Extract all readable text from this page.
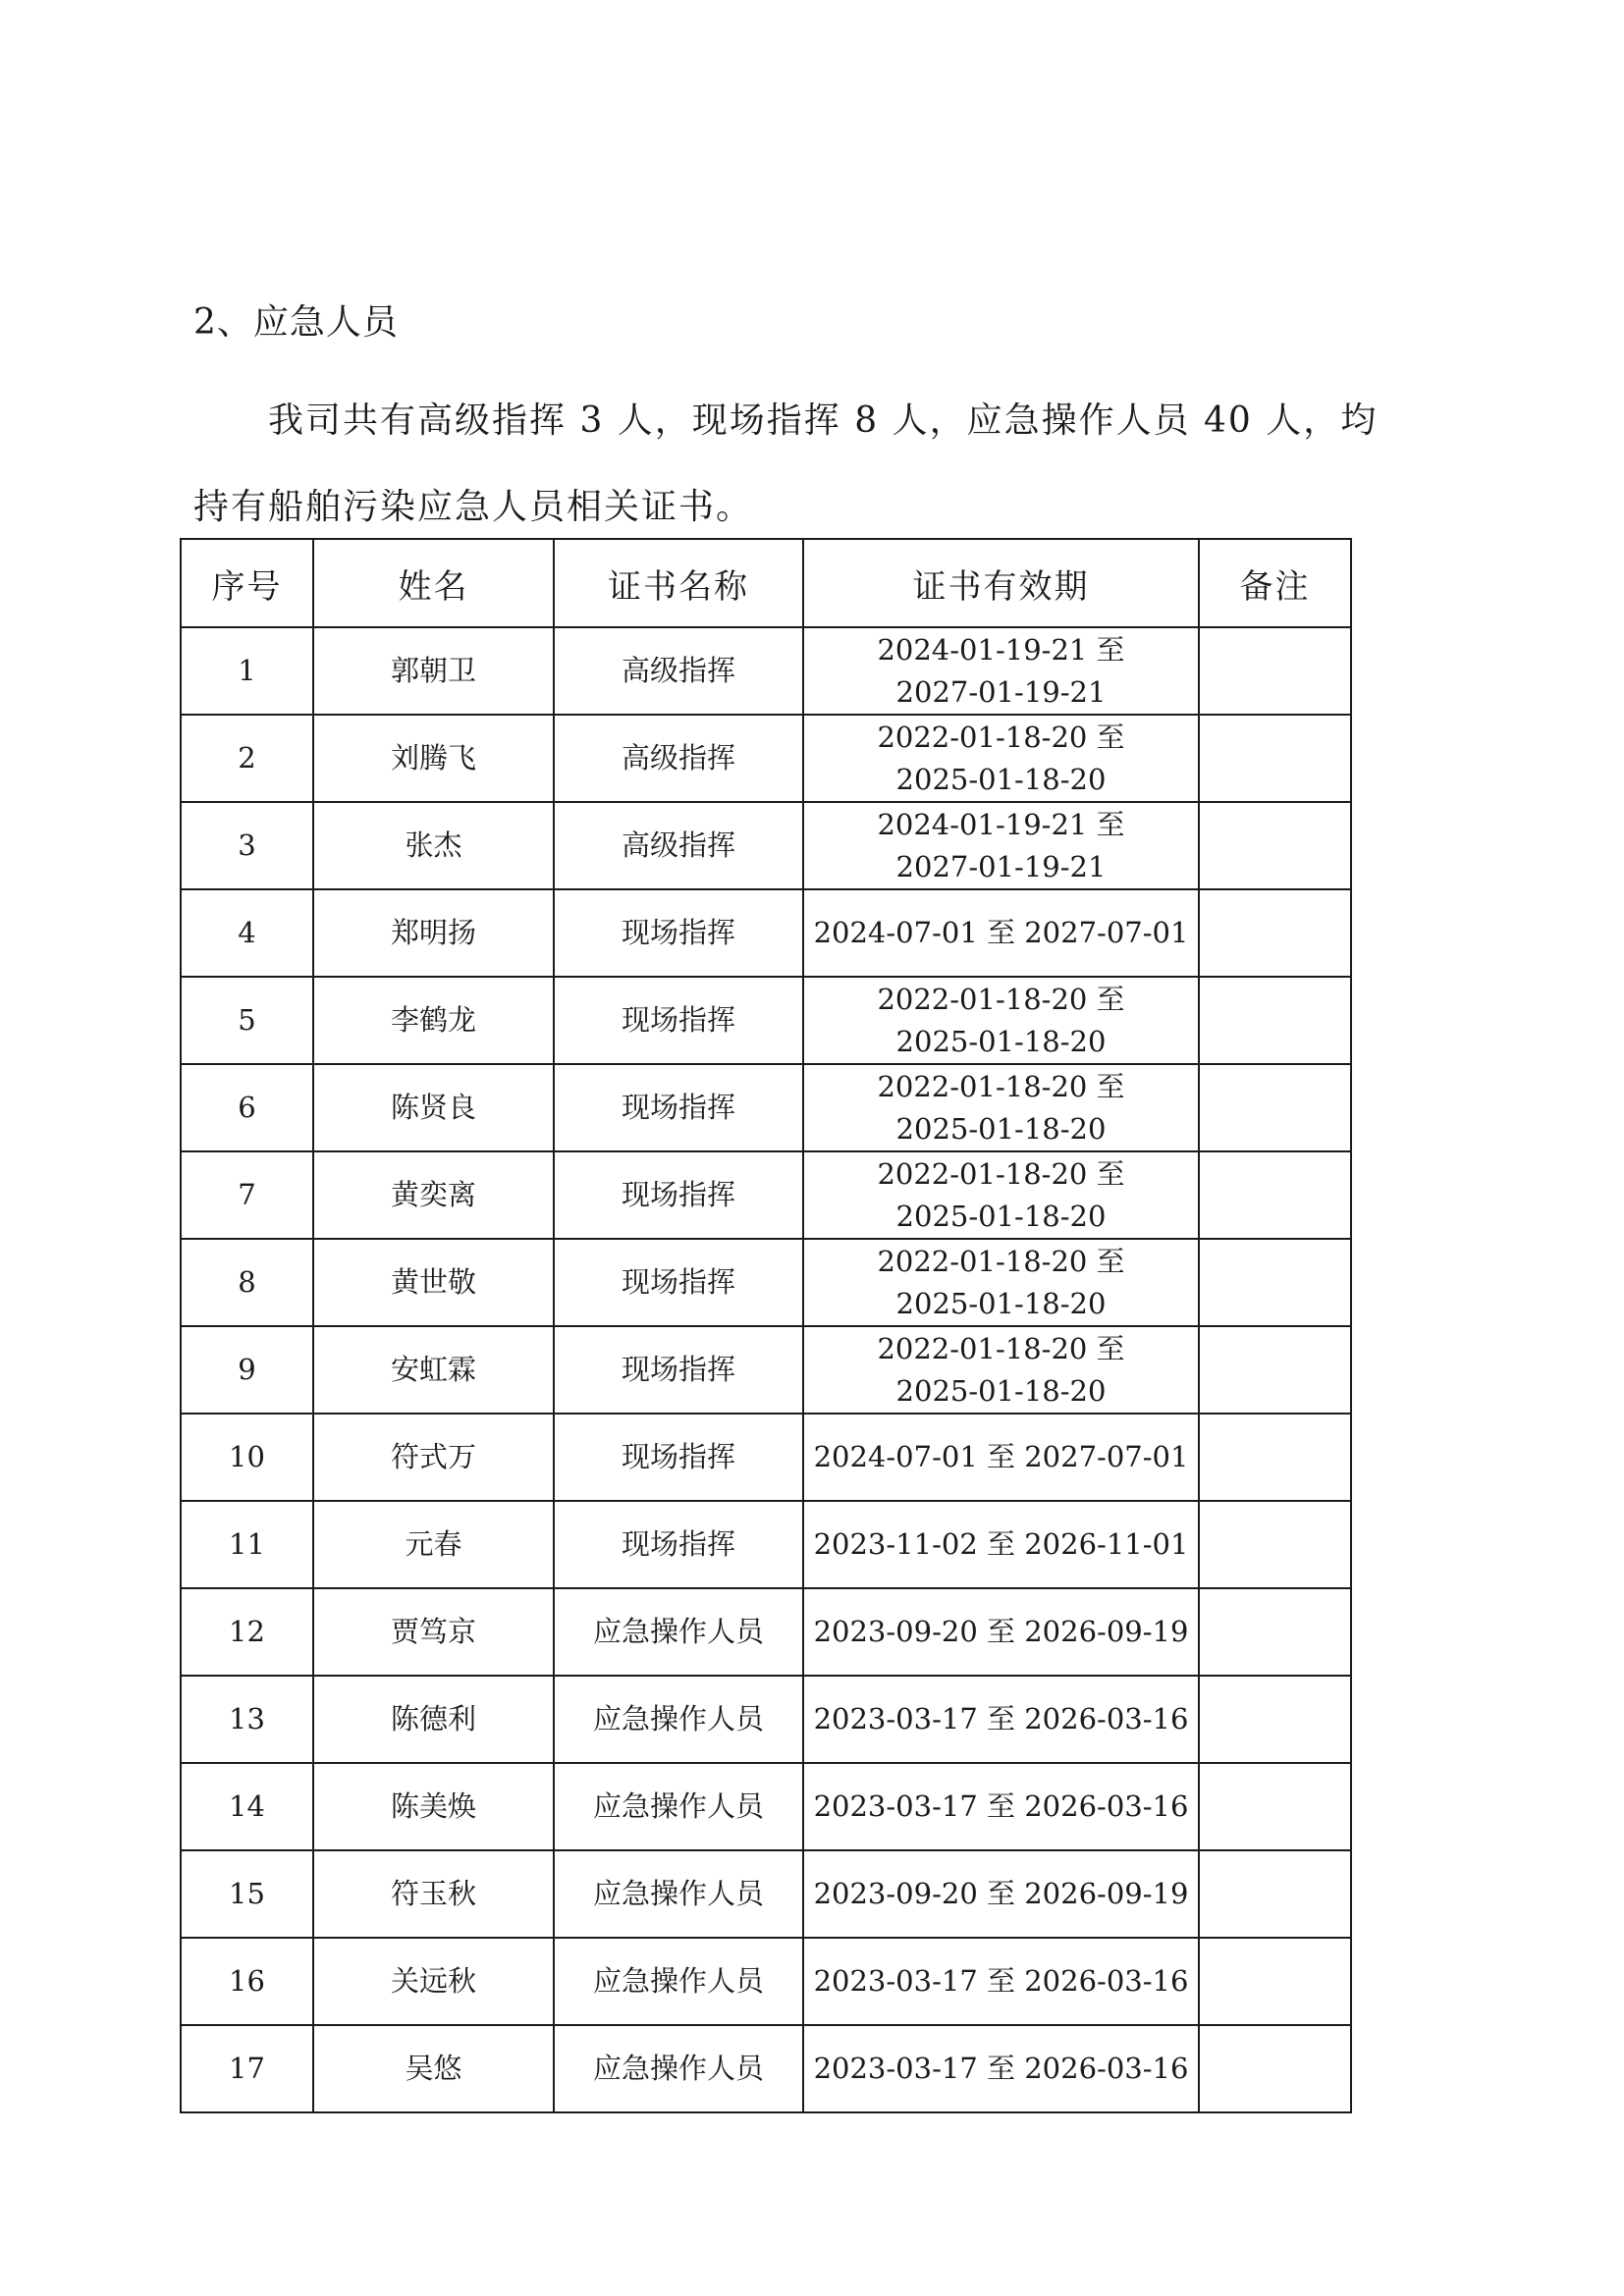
2、应急人员

我司共有高级指挥 3 人，现场指挥 8 人，应急操作人员 40 人，均持有船舶污染应急人员相关证书。

序号	姓名	证书名称	证书有效期	备注
1	郭朝卫	高级指挥	2024-01-19-21 至
2027-01-19-21	
2	刘腾飞	高级指挥	2022-01-18-20 至
2025-01-18-20	
3	张杰	高级指挥	2024-01-19-21 至
2027-01-19-21	
4	郑明扬	现场指挥	2024-07-01 至 2027-07-01	
5	李鹤龙	现场指挥	2022-01-18-20 至
2025-01-18-20	
6	陈贤良	现场指挥	2022-01-18-20 至
2025-01-18-20	
7	黄奕离	现场指挥	2022-01-18-20 至
2025-01-18-20	
8	黄世敬	现场指挥	2022-01-18-20 至
2025-01-18-20	
9	安虹霖	现场指挥	2022-01-18-20 至
2025-01-18-20	
10	符式万	现场指挥	2024-07-01 至 2027-07-01	
11	元春	现场指挥	2023-11-02 至 2026-11-01	
12	贾笃京	应急操作人员	2023-09-20 至 2026-09-19	
13	陈德利	应急操作人员	2023-03-17 至 2026-03-16	
14	陈美焕	应急操作人员	2023-03-17 至 2026-03-16	
15	符玉秋	应急操作人员	2023-09-20 至 2026-09-19	
16	关远秋	应急操作人员	2023-03-17 至 2026-03-16	
17	吴悠	应急操作人员	2023-03-17 至 2026-03-16	
